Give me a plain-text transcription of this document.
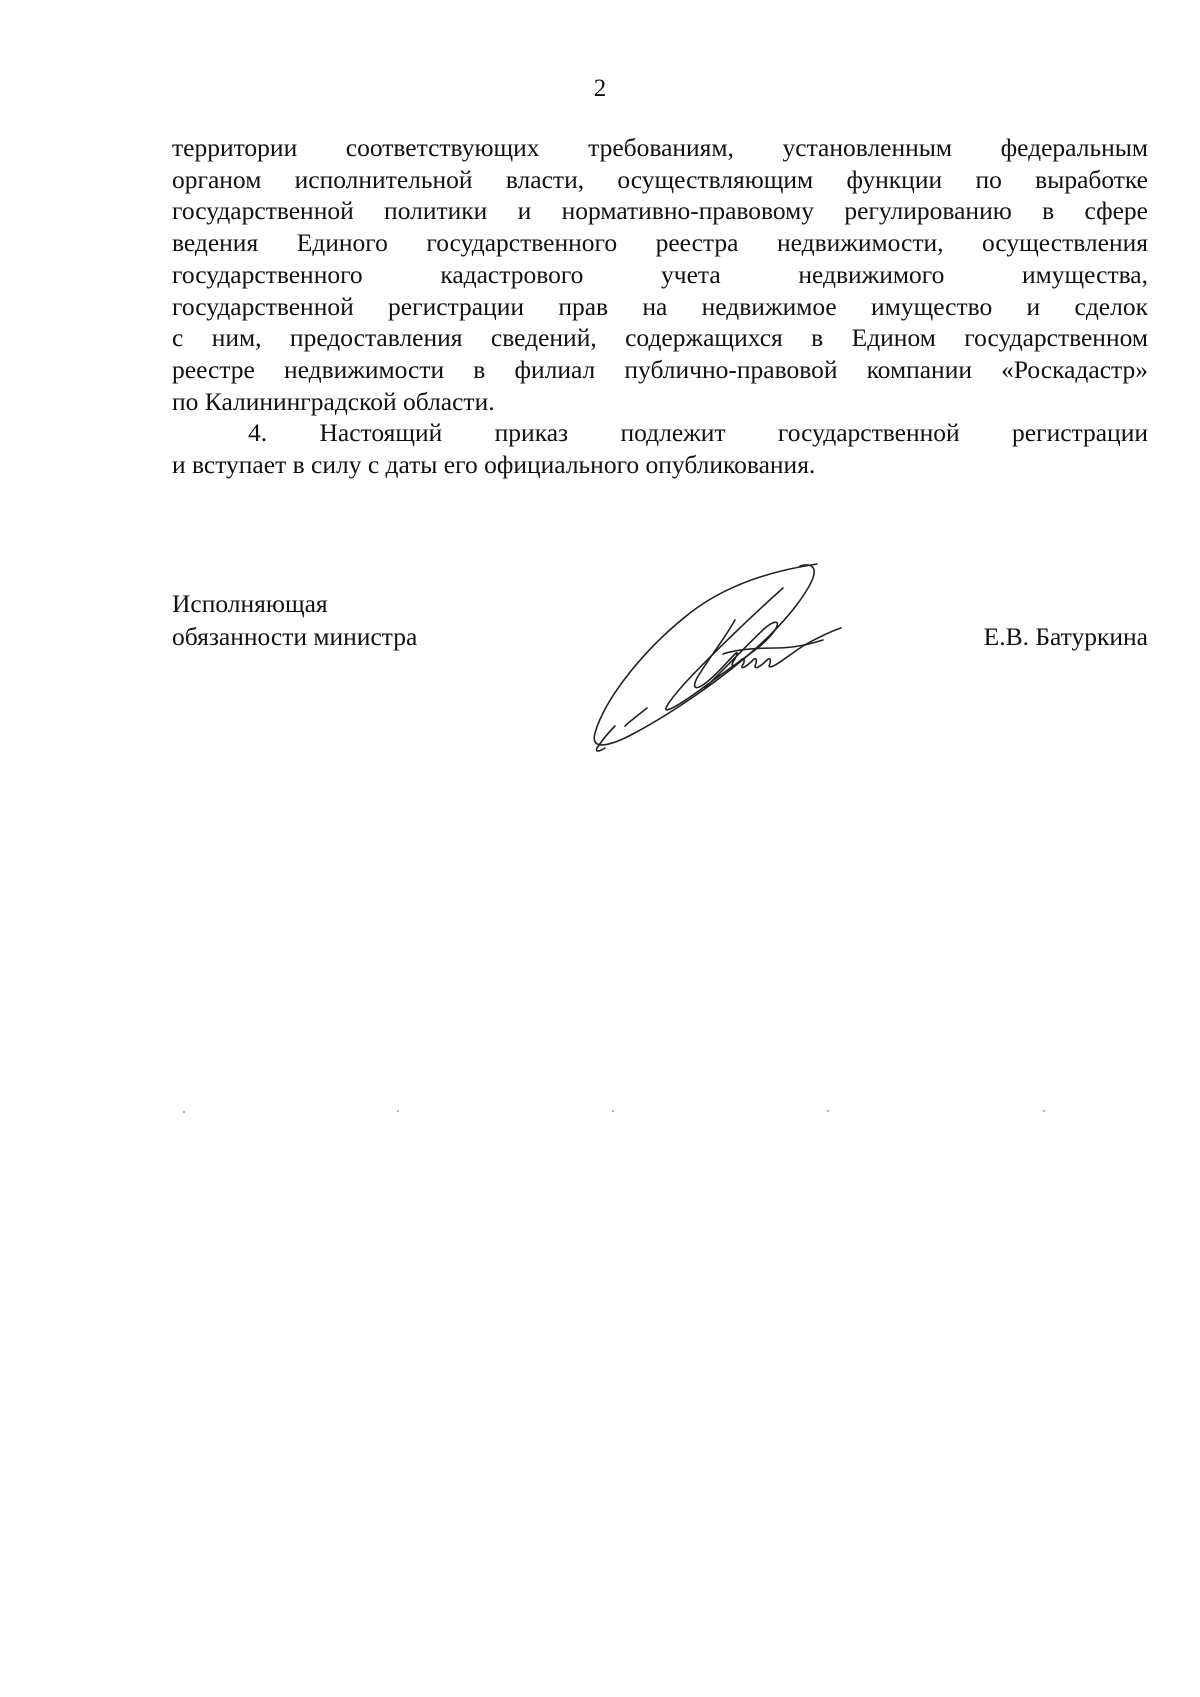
2
территории соответствующих требованиям, установленным федеральным
органом исполнительной власти, осуществляющим функции по выработке
государственной политики и нормативно-правовому регулированию в сфере
ведения Единого государственного реестра недвижимости, осуществления
государственного кадастрового учета недвижимого имущества,
государственной регистрации прав на недвижимое имущество и сделок
с ним, предоставления сведений, содержащихся в Едином государственном
реестре недвижимости в филиал публично-правовой компании «Роскадастр»
по Калининградской области.
4. Настоящий приказ подлежит государственной регистрации
и вступает в силу с даты его официального опубликования.
Исполняющая
обязанности министра	Е.В. Батуркина
